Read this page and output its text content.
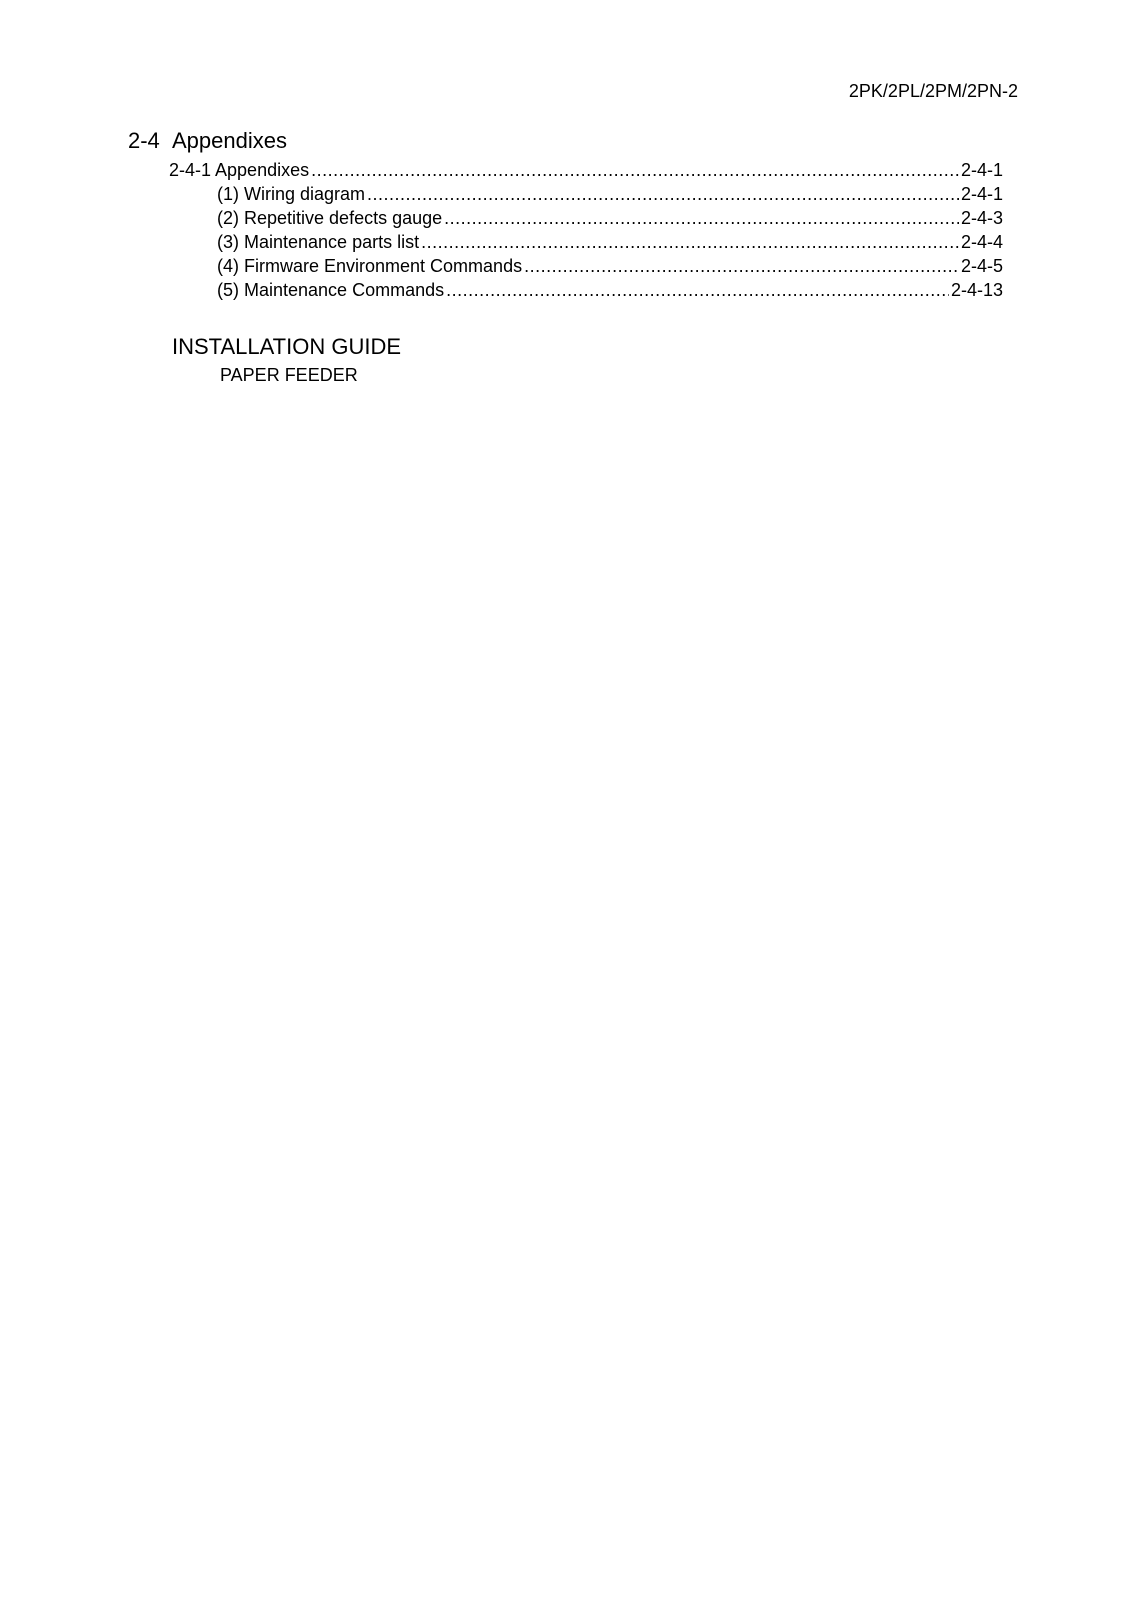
2PK/2PL/2PM/2PN-2
2-4 Appendixes
2-4-1 Appendixes .....	2-4-1
(1) Wiring diagram .....	2-4-1
(2) Repetitive defects gauge .....	2-4-3
(3) Maintenance parts list .....	2-4-4
(4) Firmware Environment Commands .....	2-4-5
(5) Maintenance Commands .....	2-4-13
INSTALLATION GUIDE
PAPER FEEDER
